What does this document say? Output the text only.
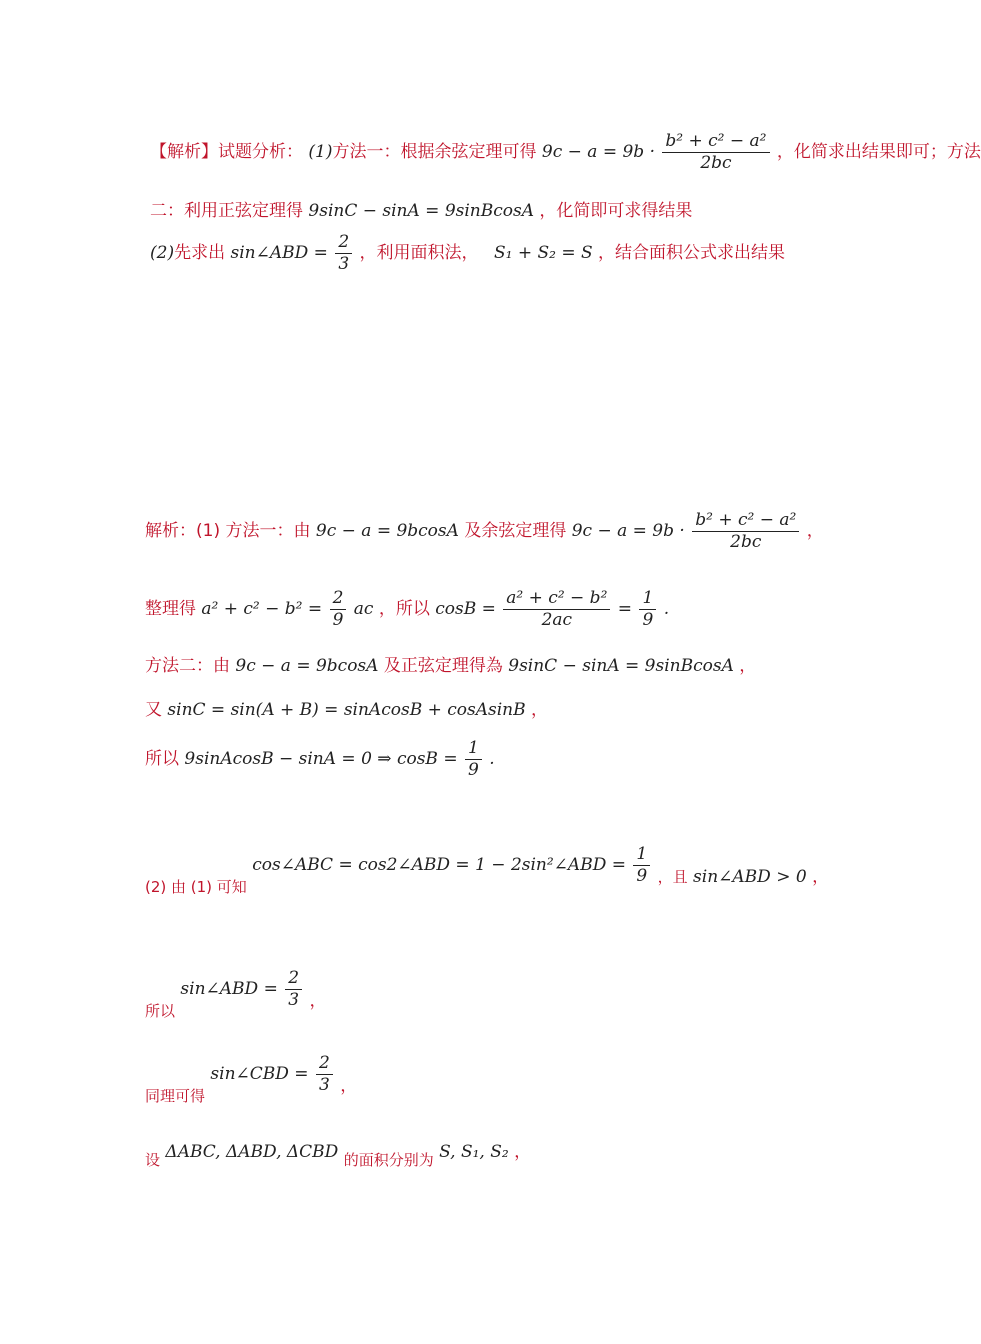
【解析】试题分析： (1)方法一：根据余弦定理可得 $9c - a = 9b \cdot \frac{\text{b² + c² − a²}}{2bc}$ ，化简求出结果即可；方法
二：利用正弦定理得 9sinC − sinA = 9sinBcosA ，化简即可求得结果
(2)先求出 sin∠ABD = $\frac{2}{3}$ ，利用面积法， S₁ + S₂ = S ，结合面积公式求出结果
解析：(1) 方法一：由 9c − a = 9bcosA 及余弦定理得 $9c - a = 9b \cdot \frac{\text{b² + c² − a²}}{2bc}$ ，
整理得 $a^2 + c^2 - b^2 = \frac{2}{9}$ ac ，所以 $\cos B = \frac{\text{a² + c² − b²}}{2ac} = \frac{1}{9}$ .
方法二：由 9c − a = 9bcosA 及正弦定理得為 9sinC − sinA = 9sinBcosA ，
又 sinC = sin(A + B) = sinAcosB + cosAsinB ，
所以 9sinAcosB − sinA = 0 ⇒ $\cos B = \frac{1}{9}$ .
(2) 由 (1) 可知 cos∠ABC = cos2∠ABD = 1 − 2sin²∠ABD = $\frac{1}{9}$ ，且 sin∠ABD > 0 ，
所以 sin∠ABD = $\frac{2}{3}$ ，
同理可得 sin∠CBD = $\frac{2}{3}$ ，
设 ΔABC, ΔABD, ΔCBD 的面积分别为 S, S₁, S₂ ，
